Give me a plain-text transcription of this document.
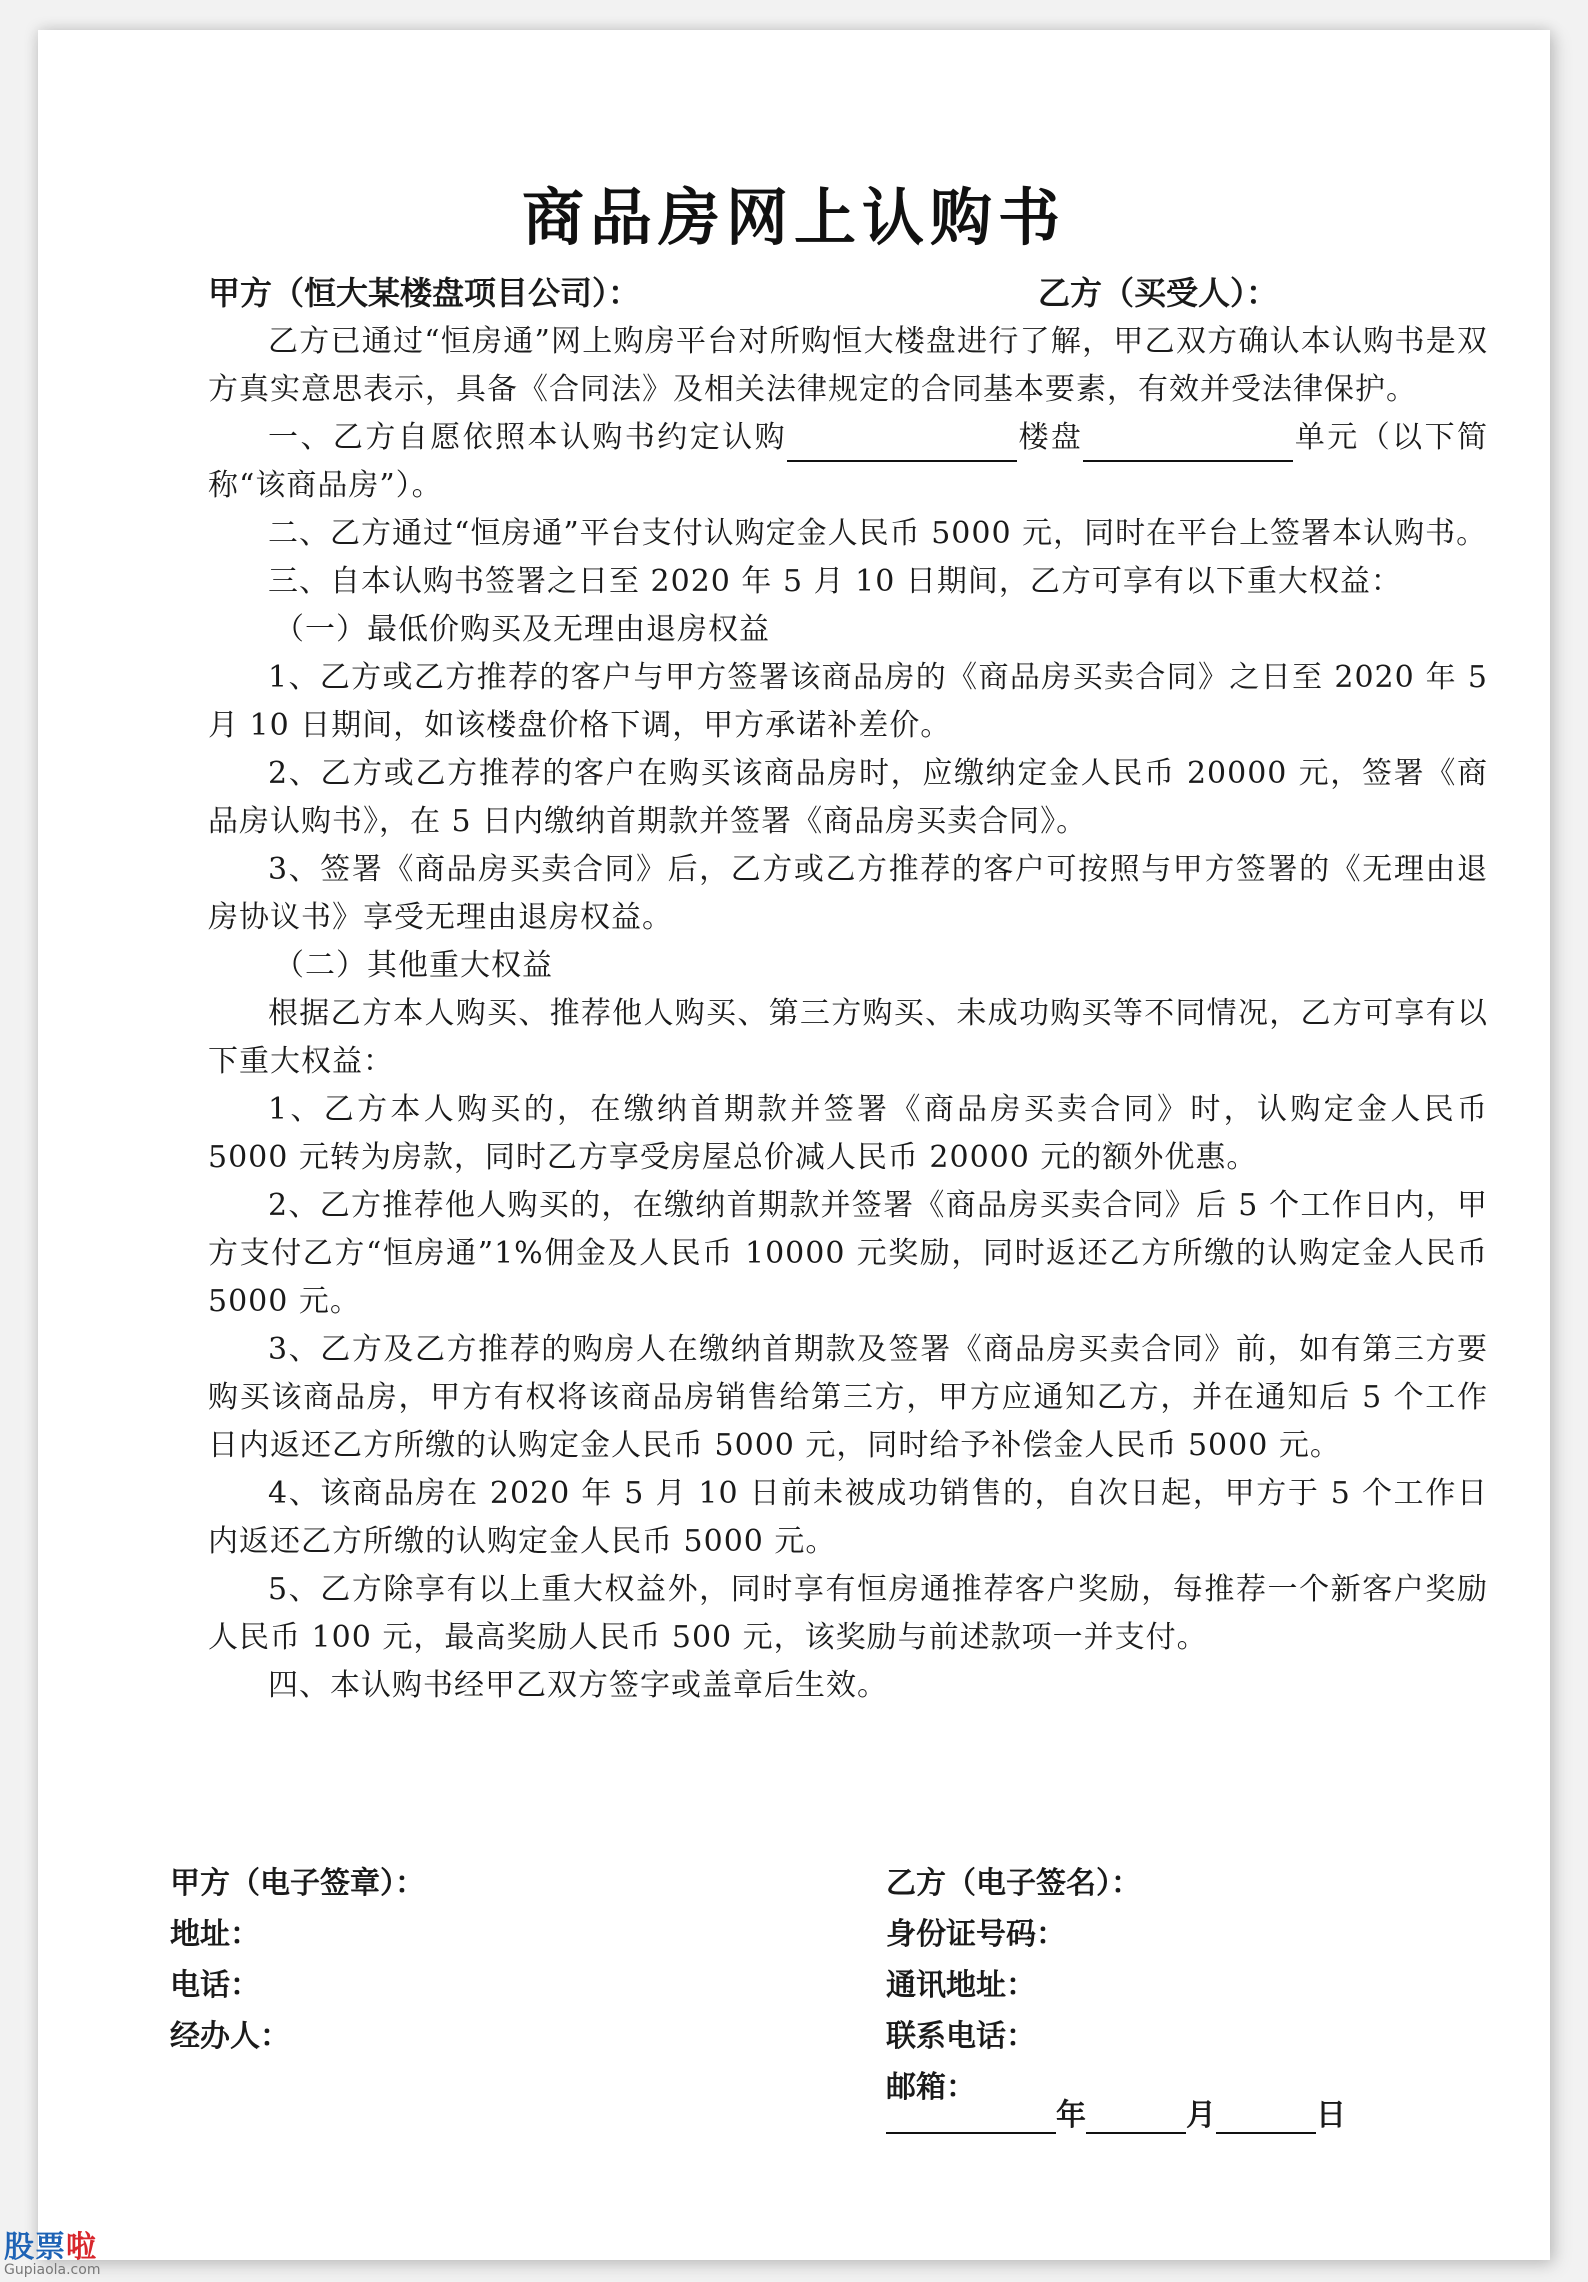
商品房网上认购书
甲方（恒大某楼盘项目公司）：	乙方（买受人）：

乙方已通过“恒房通”网上购房平台对所购恒大楼盘进行了解，甲乙双方确认本认购书是双方真实意思表示，具备《合同法》及相关法律规定的合同基本要素，有效并受法律保护。

一、乙方自愿依照本认购书约定认购	楼盘	单元（以下简称“该商品房”）。

二、乙方通过“恒房通”平台支付认购定金人民币 5000 元，同时在平台上签署本认购书。

三、自本认购书签署之日至 2020 年 5 月 10 日期间，乙方可享有以下重大权益：

（一）最低价购买及无理由退房权益

1、乙方或乙方推荐的客户与甲方签署该商品房的《商品房买卖合同》之日至 2020 年 5 月 10 日期间，如该楼盘价格下调，甲方承诺补差价。

2、乙方或乙方推荐的客户在购买该商品房时，应缴纳定金人民币 20000 元，签署《商品房认购书》，在 5 日内缴纳首期款并签署《商品房买卖合同》。

3、签署《商品房买卖合同》后，乙方或乙方推荐的客户可按照与甲方签署的《无理由退房协议书》享受无理由退房权益。

（二）其他重大权益

根据乙方本人购买、推荐他人购买、第三方购买、未成功购买等不同情况，乙方可享有以下重大权益：

1、乙方本人购买的，在缴纳首期款并签署《商品房买卖合同》时，认购定金人民币 5000 元转为房款，同时乙方享受房屋总价减人民币 20000 元的额外优惠。

2、乙方推荐他人购买的，在缴纳首期款并签署《商品房买卖合同》后 5 个工作日内，甲方支付乙方“恒房通”1%佣金及人民币 10000 元奖励，同时返还乙方所缴的认购定金人民币 5000 元。

3、乙方及乙方推荐的购房人在缴纳首期款及签署《商品房买卖合同》前，如有第三方要购买该商品房，甲方有权将该商品房销售给第三方，甲方应通知乙方，并在通知后 5 个工作日内返还乙方所缴的认购定金人民币 5000 元，同时给予补偿金人民币 5000 元。

4、该商品房在 2020 年 5 月 10 日前未被成功销售的，自次日起，甲方于 5 个工作日内返还乙方所缴的认购定金人民币 5000 元。

5、乙方除享有以上重大权益外，同时享有恒房通推荐客户奖励，每推荐一个新客户奖励人民币 100 元，最高奖励人民币 500 元，该奖励与前述款项一并支付。

四、本认购书经甲乙双方签字或盖章后生效。

甲方（电子签章）：
地址：
电话：
经办人：
乙方（电子签名）：
身份证号码：
通讯地址：
联系电话：
邮箱：
年	月	日
股票啦
Gupiaola.com
